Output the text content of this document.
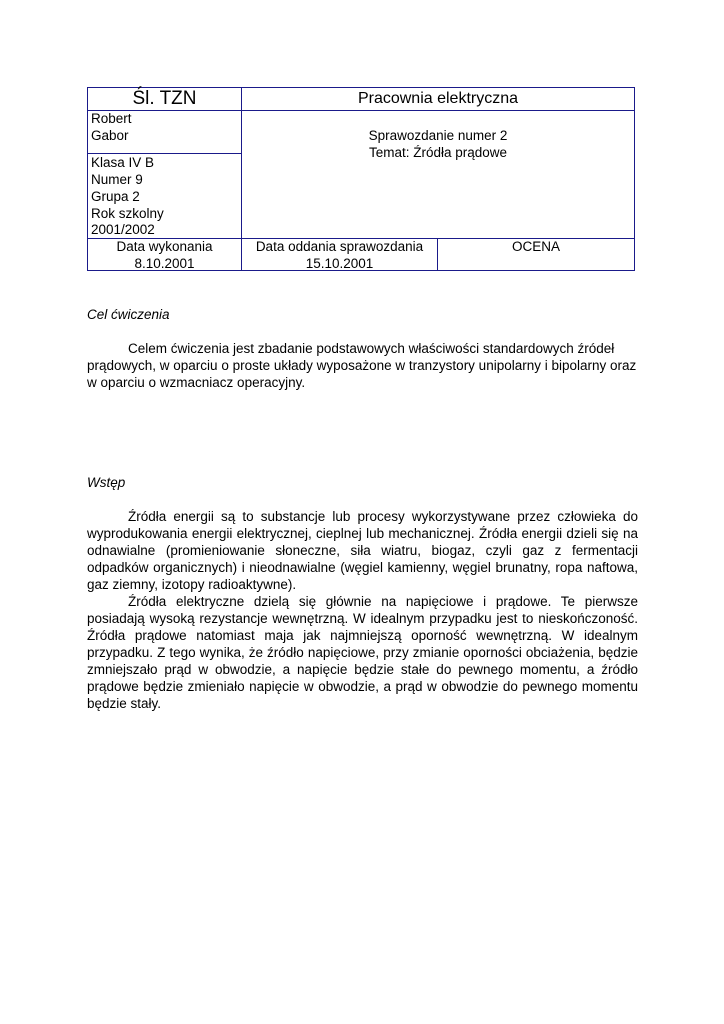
Śl. TZN	Pracownia elektryczna
Robert
Gabor
Klasa IV B
Numer 9
Grupa 2
Rok szkolny
2001/2002
Sprawozdanie numer 2
Temat: Źródła prądowe
Data wykonania
8.10.2001
Data oddania sprawozdania
15.10.2001
OCENA
Cel ćwiczenia

Celem ćwiczenia jest zbadanie podstawowych właściwości standardowych źródeł prądowych, w oparciu o proste układy wyposażone w tranzystory unipolarny i bipolarny oraz w oparciu o wzmacniacz operacyjny.

Wstęp

Źródła energii są to substancje lub procesy wykorzystywane przez człowieka do wyprodukowania energii elektrycznej, cieplnej lub mechanicznej. Źródła energii dzieli się na odnawialne (promieniowanie słoneczne, siła wiatru, biogaz, czyli gaz z fermentacji odpadków organicznych) i nieodnawialne (węgiel kamienny, węgiel brunatny, ropa naftowa, gaz ziemny, izotopy radioaktywne).

Źródła elektryczne dzielą się głównie na napięciowe i prądowe. Te pierwsze posiadają wysoką rezystancje wewnętrzną. W idealnym przypadku jest to nieskończoność. Źródła prądowe natomiast maja jak najmniejszą oporność wewnętrzną. W idealnym przypadku. Z tego wynika, że źródło napięciowe, przy zmianie oporności obciażenia, będzie zmniejszało prąd w obwodzie, a napięcie będzie stałe do pewnego momentu, a źródło prądowe będzie zmieniało napięcie w obwodzie, a prąd w obwodzie do pewnego momentu będzie stały.
